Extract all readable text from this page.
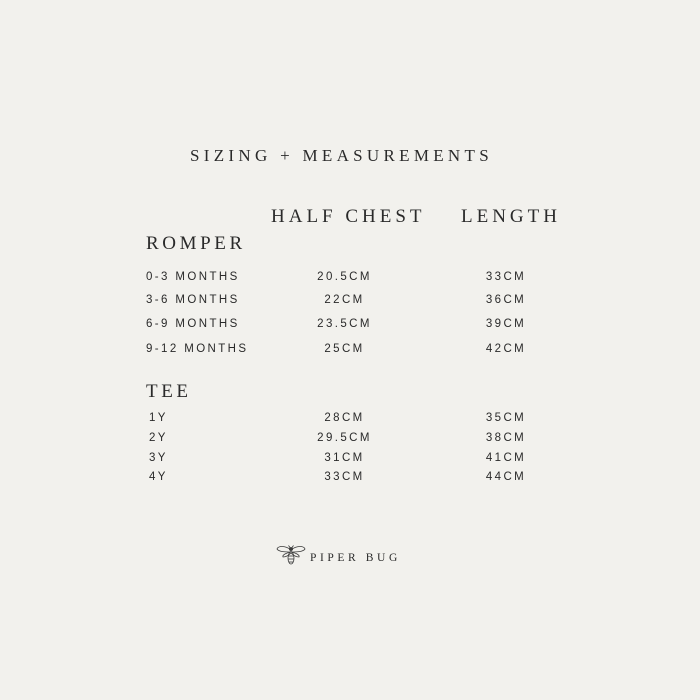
SIZING + MEASUREMENTS
HALF CHEST LENGTH
ROMPER
0-3 MONTHS	20.5CM	33CM
3-6 MONTHS	22CM	36CM
6-9 MONTHS	23.5CM	39CM
9-12 MONTHS	25CM	42CM
TEE
1Y	28CM	35CM
2Y	29.5CM	38CM
3Y	31CM	41CM
4Y	33CM	44CM
PIPER BUG
